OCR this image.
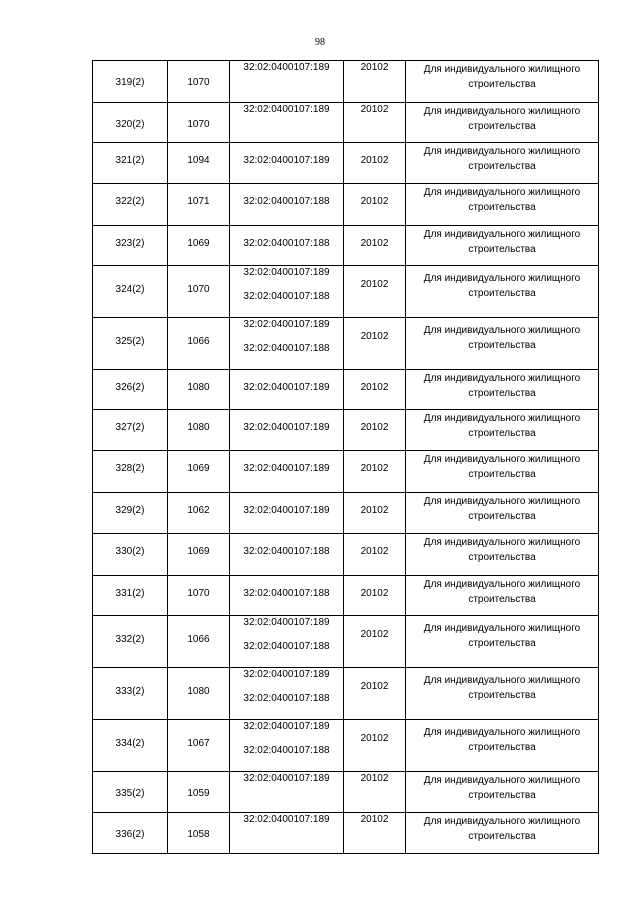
98
319(2)	1070	32:02:0400107:189	20102	Для индивидуального жилищного строительства

320(2)	1070	32:02:0400107:189	20102	Для индивидуального жилищного строительства

321(2)	1094	32:02:0400107:189	20102	Для индивидуального жилищного строительства

322(2)	1071	32:02:0400107:188	20102	Для индивидуального жилищного строительства

323(2)	1069	32:02:0400107:188	20102	Для индивидуального жилищного строительства

324(2)	1070	32:02:0400107:189
32:02:0400107:188	20102	Для индивидуального жилищного строительства

325(2)	1066	32:02:0400107:189
32:02:0400107:188	20102	Для индивидуального жилищного строительства

326(2)	1080	32:02:0400107:189	20102	Для индивидуального жилищного строительства

327(2)	1080	32:02:0400107:189	20102	Для индивидуального жилищного строительства

328(2)	1069	32:02:0400107:189	20102	Для индивидуального жилищного строительства

329(2)	1062	32:02:0400107:189	20102	Для индивидуального жилищного строительства

330(2)	1069	32:02:0400107:188	20102	Для индивидуального жилищного строительства

331(2)	1070	32:02:0400107:188	20102	Для индивидуального жилищного строительства

332(2)	1066	32:02:0400107:189
32:02:0400107:188	20102	Для индивидуального жилищного строительства

333(2)	1080	32:02:0400107:189
32:02:0400107:188	20102	Для индивидуального жилищного строительства

334(2)	1067	32:02:0400107:189
32:02:0400107:188	20102	Для индивидуального жилищного строительства

335(2)	1059	32:02:0400107:189	20102	Для индивидуального жилищного строительства

336(2)	1058	32:02:0400107:189	20102	Для индивидуального жилищного строительства
